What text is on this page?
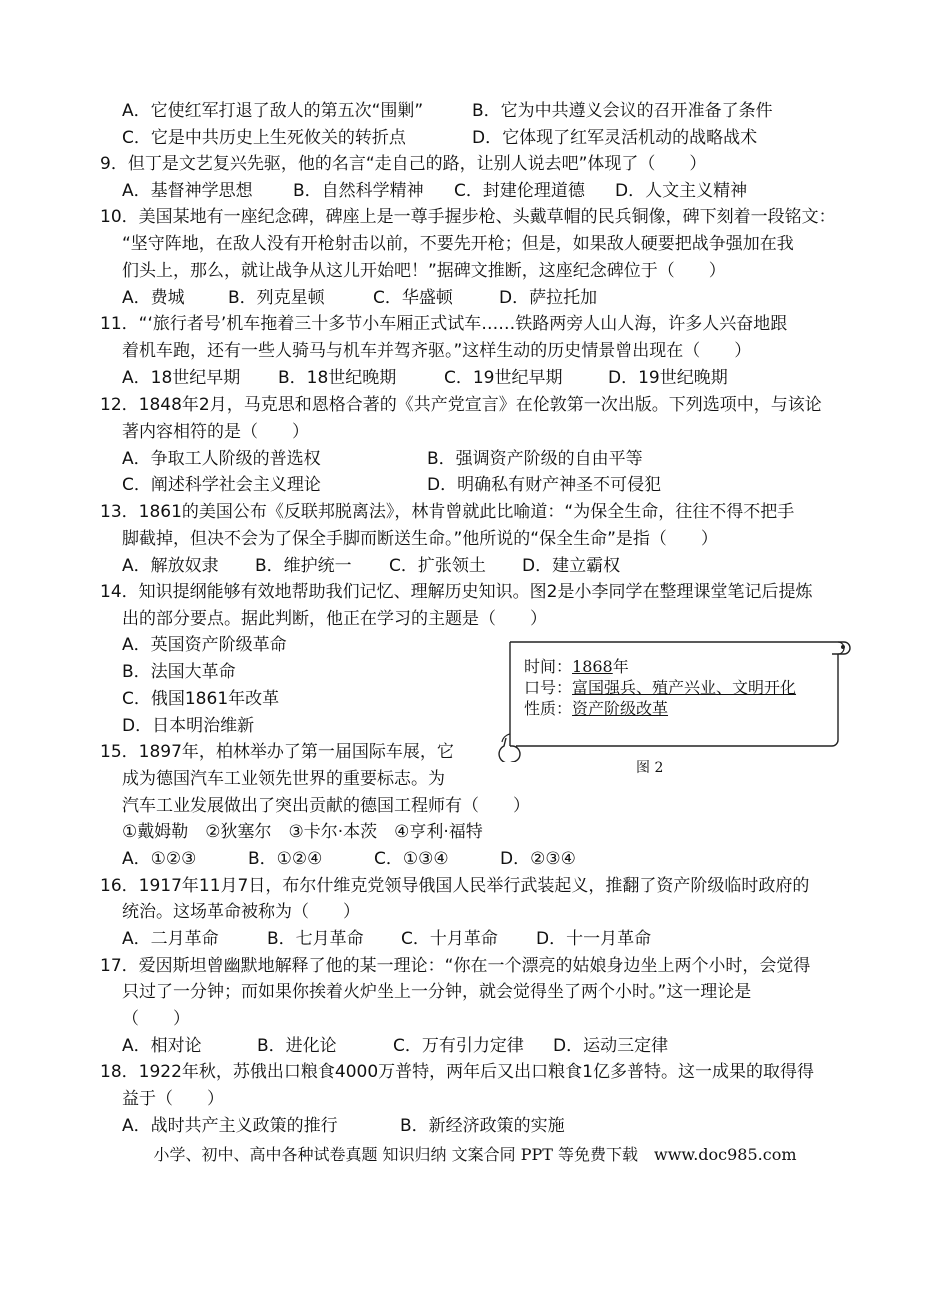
A．它使红军打退了敌人的第五次“围剿”	B．它为中共遵义会议的召开准备了条件
C．它是中共历史上生死攸关的转折点	D．它体现了红军灵活机动的战略战术
9．但丁是文艺复兴先驱，他的名言“走自己的路，让别人说去吧”体现了（　　）
A．基督神学思想 B．自然科学精神 C．封建伦理道德 D．人文主义精神
10．美国某地有一座纪念碑，碑座上是一尊手握步枪、头戴草帽的民兵铜像，碑下刻着一段铭文：
“坚守阵地，在敌人没有开枪射击以前，不要先开枪；但是，如果敌人硬要把战争强加在我
们头上，那么，就让战争从这儿开始吧！”据碑文推断，这座纪念碑位于（　　）
A．费城	B．列克星顿	C．华盛顿	D．萨拉托加
11．“‘旅行者号’机车拖着三十多节小车厢正式试车……铁路两旁人山人海，许多人兴奋地跟
着机车跑，还有一些人骑马与机车并驾齐驱。”这样生动的历史情景曾出现在（　　）
A．18世纪早期 B．18世纪晚期	C．19世纪早期	D．19世纪晚期
12．1848年2月，马克思和恩格合著的《共产党宣言》在伦敦第一次出版。下列选项中，与该论
著内容相符的是（　　）
A．争取工人阶级的普选权	B．强调资产阶级的自由平等
C．阐述科学社会主义理论	D．明确私有财产神圣不可侵犯
13．1861的美国公布《反联邦脱离法》，林肯曾就此比喻道：“为保全生命，往往不得不把手
脚截掉，但决不会为了保全手脚而断送生命。”他所说的“保全生命”是指（　　）
A．解放奴隶 B．维护统一 C．扩张领土 D．建立霸权
14．知识提纲能够有效地帮助我们记忆、理解历史知识。图2是小李同学在整理课堂笔记后提炼
出的部分要点。据此判断，他正在学习的主题是（　　）
A．英国资产阶级革命
B．法国大革命
C．俄国1861年改革
D．日本明治维新
时间：1868年
口号：富国强兵、殖产兴业、文明开化
性质：资产阶级改革
图 2
15．1897年，柏林举办了第一届国际车展，它
成为德国汽车工业领先世界的重要标志。为
汽车工业发展做出了突出贡献的德国工程师有（　　）
①戴姆勒　②狄塞尔　③卡尔·本茨　④亨利·福特
A．①②③	B．①②④	C．①③④	D．②③④
16．1917年11月7日，布尔什维克党领导俄国人民举行武装起义，推翻了资产阶级临时政府的
统治。这场革命被称为（　　）
A．二月革命	B．七月革命 C．十月革命 D．十一月革命
17．爱因斯坦曾幽默地解释了他的某一理论：“你在一个漂亮的姑娘身边坐上两个小时，会觉得
只过了一分钟；而如果你挨着火炉坐上一分钟，就会觉得坐了两个小时。”这一理论是
（　　）
A．相对论	B．进化论	C．万有引力定律 D．运动三定律
18．1922年秋，苏俄出口粮食4000万普特，两年后又出口粮食1亿多普特。这一成果的取得得
益于（　　）
A．战时共产主义政策的推行	B．新经济政策的实施
小学、初中、高中各种试卷真题 知识归纳 文案合同 PPT 等免费下载　www.doc985.com
